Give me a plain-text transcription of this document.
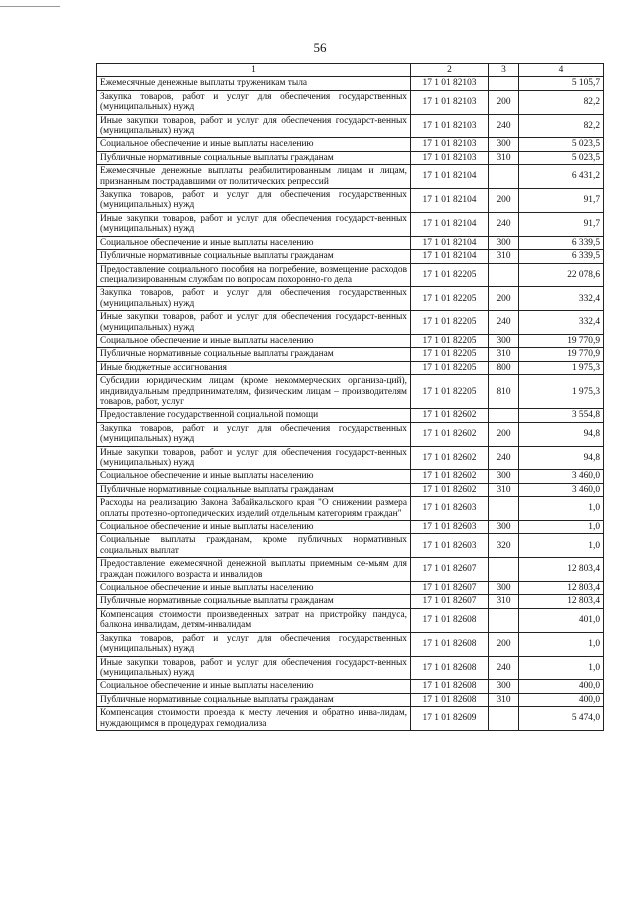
56
1	2	3	4
Ежемесячные денежные выплаты труженикам тыла	17 1 01 82103		5 105,7
Закупка товаров, работ и услуг для обеспечения государственных (муниципальных) нужд	17 1 01 82103	200	82,2
Иные закупки товаров, работ и услуг для обеспечения государст-венных (муниципальных) нужд	17 1 01 82103	240	82,2
Социальное обеспечение и иные выплаты населению	17 1 01 82103	300	5 023,5
Публичные нормативные социальные выплаты гражданам	17 1 01 82103	310	5 023,5
Ежемесячные денежные выплаты реабилитированным лицам и лицам, признанным пострадавшими от политических репрессий	17 1 01 82104		6 431,2
Закупка товаров, работ и услуг для обеспечения государственных (муниципальных) нужд	17 1 01 82104	200	91,7
Иные закупки товаров, работ и услуг для обеспечения государст-венных (муниципальных) нужд	17 1 01 82104	240	91,7
Социальное обеспечение и иные выплаты населению	17 1 01 82104	300	6 339,5
Публичные нормативные социальные выплаты гражданам	17 1 01 82104	310	6 339,5
Предоставление социального пособия на погребение, возмещение расходов специализированным службам по вопросам похоронно-го дела	17 1 01 82205		22 078,6
Закупка товаров, работ и услуг для обеспечения государственных (муниципальных) нужд	17 1 01 82205	200	332,4
Иные закупки товаров, работ и услуг для обеспечения государст-венных (муниципальных) нужд	17 1 01 82205	240	332,4
Социальное обеспечение и иные выплаты населению	17 1 01 82205	300	19 770,9
Публичные нормативные социальные выплаты гражданам	17 1 01 82205	310	19 770,9
Иные бюджетные ассигнования	17 1 01 82205	800	1 975,3
Субсидии юридическим лицам (кроме некоммерческих организа-ций), индивидуальным предпринимателям, физическим лицам – производителям товаров, работ, услуг	17 1 01 82205	810	1 975,3
Предоставление государственной социальной помощи	17 1 01 82602		3 554,8
Закупка товаров, работ и услуг для обеспечения государственных (муниципальных) нужд	17 1 01 82602	200	94,8
Иные закупки товаров, работ и услуг для обеспечения государст-венных (муниципальных) нужд	17 1 01 82602	240	94,8
Социальное обеспечение и иные выплаты населению	17 1 01 82602	300	3 460,0
Публичные нормативные социальные выплаты гражданам	17 1 01 82602	310	3 460,0
Расходы на реализацию Закона Забайкальского края "О снижении размера оплаты протезно-ортопедических изделий отдельным категориям граждан"	17 1 01 82603		1,0
Социальное обеспечение и иные выплаты населению	17 1 01 82603	300	1,0
Социальные выплаты гражданам, кроме публичных нормативных социальных выплат	17 1 01 82603	320	1,0
Предоставление ежемесячной денежной выплаты приемным се-мьям для граждан пожилого возраста и инвалидов	17 1 01 82607		12 803,4
Социальное обеспечение и иные выплаты населению	17 1 01 82607	300	12 803,4
Публичные нормативные социальные выплаты гражданам	17 1 01 82607	310	12 803,4
Компенсация стоимости произведенных затрат на пристройку пандуса, балкона инвалидам, детям-инвалидам	17 1 01 82608		401,0
Закупка товаров, работ и услуг для обеспечения государственных (муниципальных) нужд	17 1 01 82608	200	1,0
Иные закупки товаров, работ и услуг для обеспечения государст-венных (муниципальных) нужд	17 1 01 82608	240	1,0
Социальное обеспечение и иные выплаты населению	17 1 01 82608	300	400,0
Публичные нормативные социальные выплаты гражданам	17 1 01 82608	310	400,0
Компенсация стоимости проезда к месту лечения и обратно инва-лидам, нуждающимся в процедурах гемодиализа	17 1 01 82609		5 474,0
